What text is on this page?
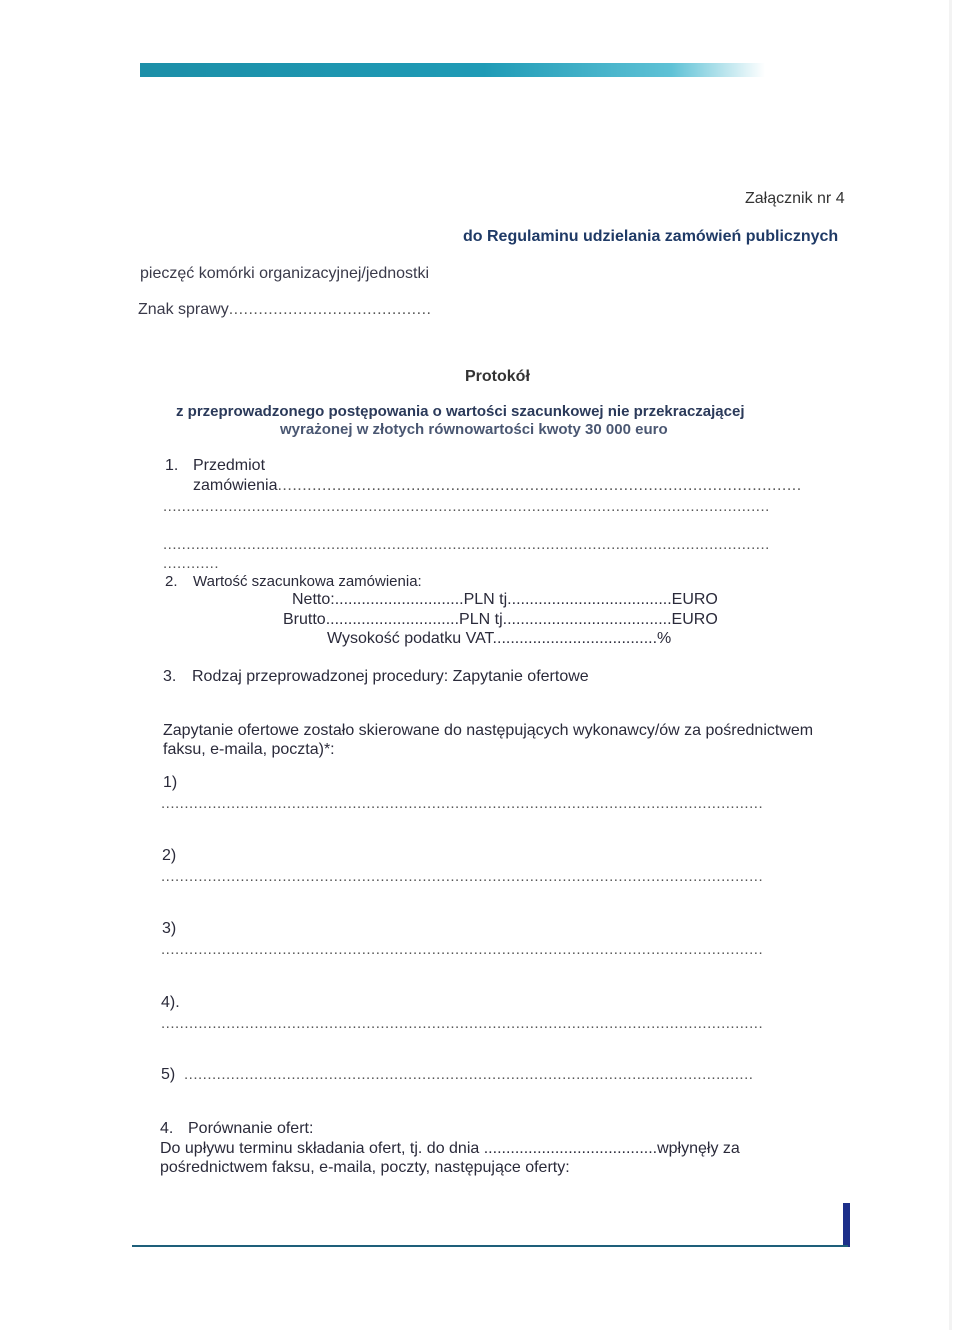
Załącznik nr 4
do Regulaminu udzielania zamówień publicznych
pieczęć komórki organizacyjnej/jednostki
Znak sprawy.........................................
Protokół
z przeprowadzonego postępowania o wartości szacunkowej nie przekraczającej
wyrażonej w złotych równowartości kwoty 30 000 euro
1. Przedmiot
zamówienia..........................................................................................................
..................................................................................................................................
..................................................................................................................................
............
2. Wartość szacunkowa zamówienia:
Netto:.............................PLN tj.....................................EURO
Brutto..............................PLN tj......................................EURO
Wysokość podatku VAT.....................................%
3. Rodzaj przeprowadzonej procedury: Zapytanie ofertowe
Zapytanie ofertowe zostało skierowane do następujących wykonawcy/ów za pośrednictwem
faksu, e-maila, poczta)*:
1)
.................................................................................................................................
2)
.................................................................................................................................
3)
.................................................................................................................................
4).
.................................................................................................................................
5) ..........................................................................................................................
4. Porównanie ofert:
Do upływu terminu składania ofert, tj. do dnia .......................................wpłynęły za
pośrednictwem faksu, e-maila, poczty, następujące oferty:
